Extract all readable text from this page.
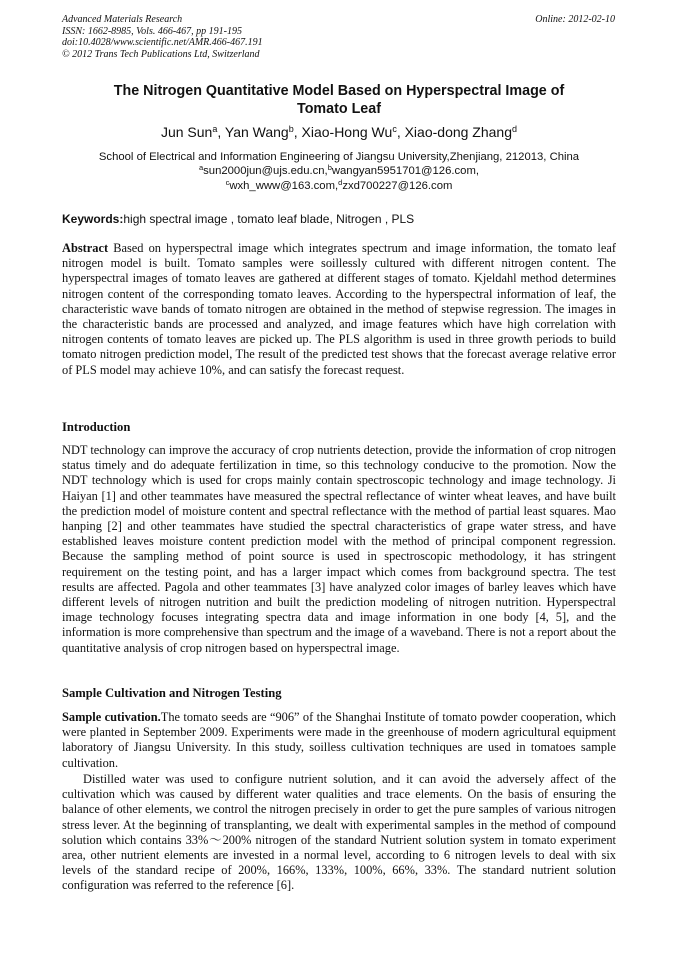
Advanced Materials Research
ISSN: 1662-8985, Vols. 466-467, pp 191-195
doi:10.4028/www.scientific.net/AMR.466-467.191
© 2012 Trans Tech Publications Ltd, Switzerland
Online: 2012-02-10
The Nitrogen Quantitative Model Based on Hyperspectral Image of
Tomato Leaf
Jun Sun$^a$, Yan Wang$^b$, Xiao-Hong Wu$^c$, Xiao-dong Zhang$^d$
School of Electrical and Information Engineering of Jiangsu University,Zhenjiang, 212013, China
$^a$sun2000jun@ujs.edu.cn,$^b$wangyan5951701@126.com,
$^c$wxh_www@163.com,$^d$zxd700227@126.com
Keywords:high spectral image , tomato leaf blade, Nitrogen , PLS
Abstract Based on hyperspectral image which integrates spectrum and image information, the tomato leaf nitrogen model is built. Tomato samples were soillessly cultured with different nitrogen content. The hyperspectral images of tomato leaves are gathered at different stages of tomato. Kjeldahl method determines nitrogen content of the corresponding tomato leaves. According to the hyperspectral information of leaf, the characteristic wave bands of tomato nitrogen are obtained in the method of stepwise regression. The images in the characteristic bands are processed and analyzed, and image features which have high correlation with nitrogen contents of tomato leaves are picked up. The PLS algorithm is used in three growth periods to build tomato nitrogen prediction model, The result of the predicted test shows that the forecast average relative error of PLS model may achieve 10%, and can satisfy the forecast request.
Introduction
NDT technology can improve the accuracy of crop nutrients detection, provide the information of crop nitrogen status timely and do adequate fertilization in time, so this technology conducive to the promotion. Now the NDT technology which is used for crops mainly contain spectroscopic technology and image technology. Ji Haiyan [1] and other teammates have measured the spectral reflectance of winter wheat leaves, and have built the prediction model of moisture content and spectral reflectance with the method of partial least squares. Mao hanping [2] and other teammates have studied the spectral characteristics of grape water stress, and have established leaves moisture content prediction model with the method of principal component regression. Because the sampling method of point source is used in spectroscopic methodology, it has stringent requirement on the testing point, and has a larger impact which comes from background spectra. The test results are affected. Pagola and other teammates [3] have analyzed color images of barley leaves which have different levels of nitrogen nutrition and built the prediction modeling of nitrogen nutrition. Hyperspectral image technology focuses integrating spectra data and image information in one body [4, 5], and the information is more comprehensive than spectrum and the image of a waveband. There is not a report about the quantitative analysis of crop nitrogen based on hyperspectral image.
Sample Cultivation and Nitrogen Testing
Sample cutivation.The tomato seeds are “906” of the Shanghai Institute of tomato powder cooperation, which were planted in September 2009. Experiments were made in the greenhouse of modern agricultural equipment laboratory of Jiangsu University. In this study, soilless cultivation techniques are used in tomatoes sample cultivation.
Distilled water was used to configure nutrient solution, and it can avoid the adversely affect of the cultivation which was caused by different water qualities and trace elements. On the basis of ensuring the balance of other elements, we control the nitrogen precisely in order to get the pure samples of various nitrogen stress lever. At the beginning of transplanting, we dealt with experimental samples in the method of compound solution which contains 33%～200% nitrogen of the standard Nutrient solution system in tomato experiment area, other nutrient elements are invested in a normal level, according to 6 nitrogen levels to deal with six levels of the standard recipe of 200%, 166%, 133%, 100%, 66%, 33%. The standard nutrient solution configuration was referred to the reference [6].
